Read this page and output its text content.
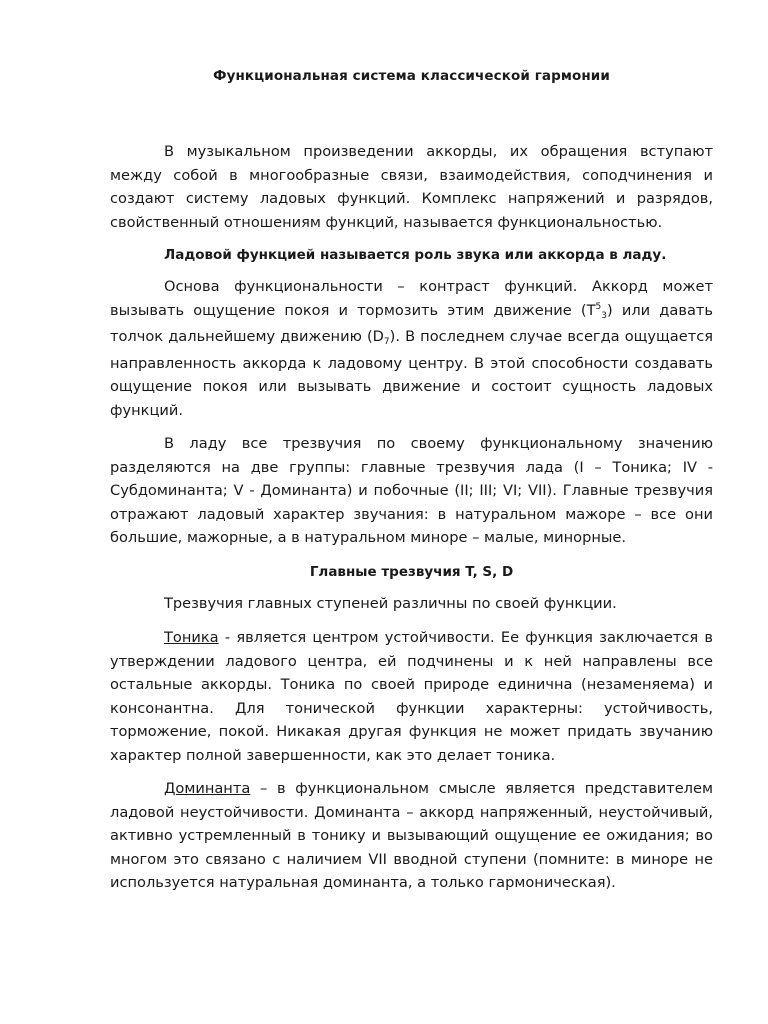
Функциональная система классической гармонии

В музыкальном произведении аккорды, их обращения вступают между собой в многообразные связи, взаимодействия, соподчинения и создают систему ладовых функций. Комплекс напряжений и разрядов, свойственный отношениям функций, называется функциональностью.

Ладовой функцией называется роль звука или аккорда в ладу.

Основа функциональности – контраст функций. Аккорд может вызывать ощущение покоя и тормозить этим движение $(T^5_3)$ или давать толчок дальнейшему движению $(D_7)$. В последнем случае всегда ощущается направленность аккорда к ладовому центру. В этой способности создавать ощущение покоя или вызывать движение и состоит сущность ладовых функций.

В ладу все трезвучия по своему функциональному значению разделяются на две группы: главные трезвучия лада (I – Тоника; IV - Субдоминанта; V - Доминанта) и побочные (II; III; VI; VII). Главные трезвучия отражают ладовый характер звучания: в натуральном мажоре – все они большие, мажорные, а в натуральном миноре – малые, минорные.

Главные трезвучия T, S, D

Трезвучия главных ступеней различны по своей функции.

Тоника - является центром устойчивости. Ее функция заключается в утверждении ладового центра, ей подчинены и к ней направлены все остальные аккорды. Тоника по своей природе единична (незаменяема) и консонантна. Для тонической функции характерны: устойчивость, торможение, покой. Никакая другая функция не может придать звучанию характер полной завершенности, как это делает тоника.

Доминанта – в функциональном смысле является представителем ладовой неустойчивости. Доминанта – аккорд напряженный, неустойчивый, активно устремленный в тонику и вызывающий ощущение ее ожидания; во многом это связано с наличием VII вводной ступени (помните: в миноре не используется натуральная доминанта, а только гармоническая).
